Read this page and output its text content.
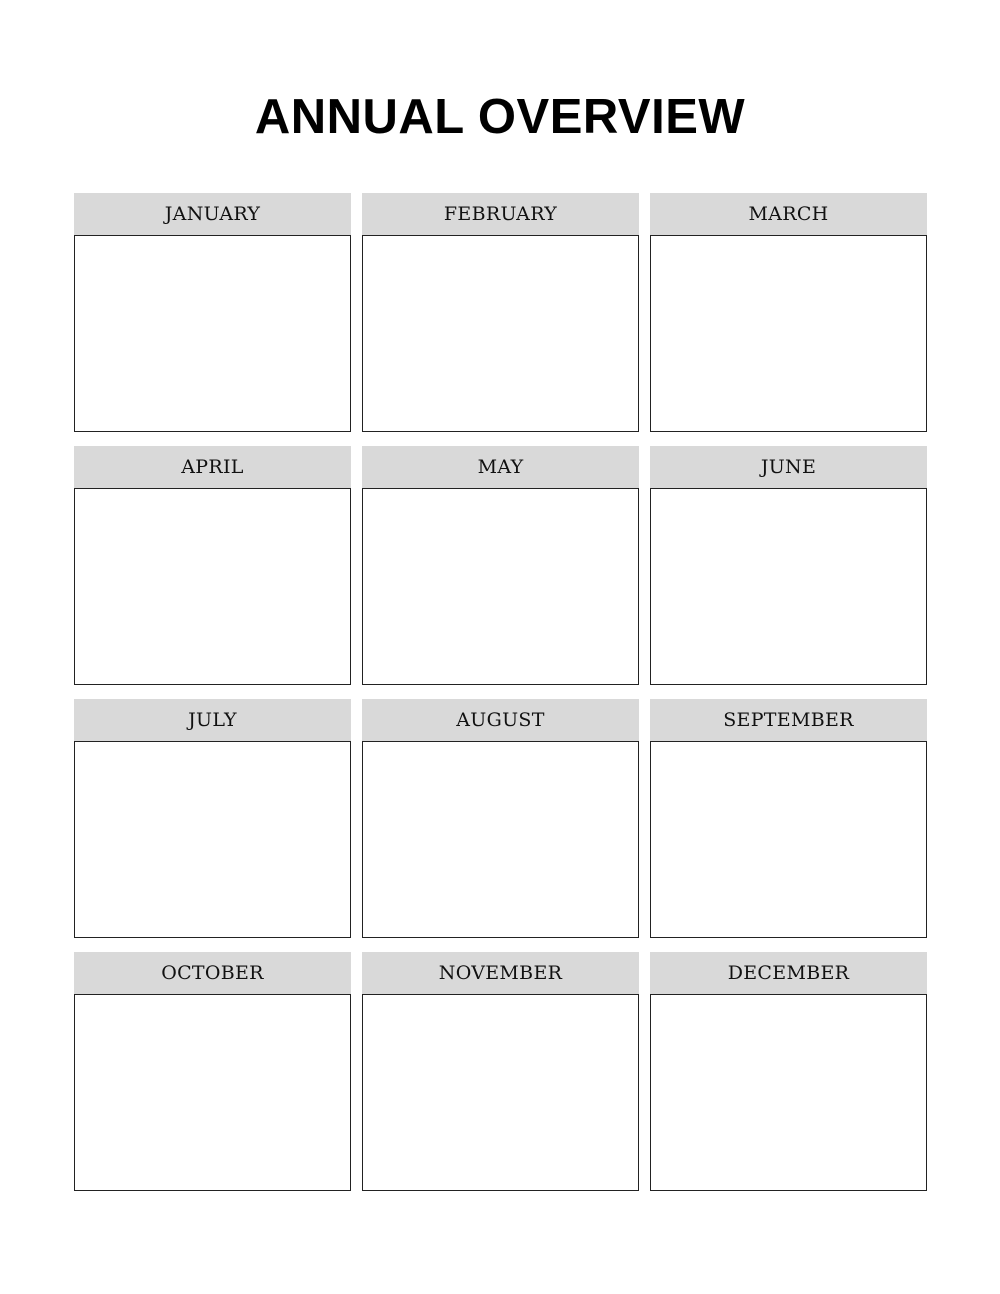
ANNUAL OVERVIEW
JANUARY	FEBRUARY	MARCH
APRIL	MAY	JUNE
JULY	AUGUST	SEPTEMBER
OCTOBER	NOVEMBER	DECEMBER
